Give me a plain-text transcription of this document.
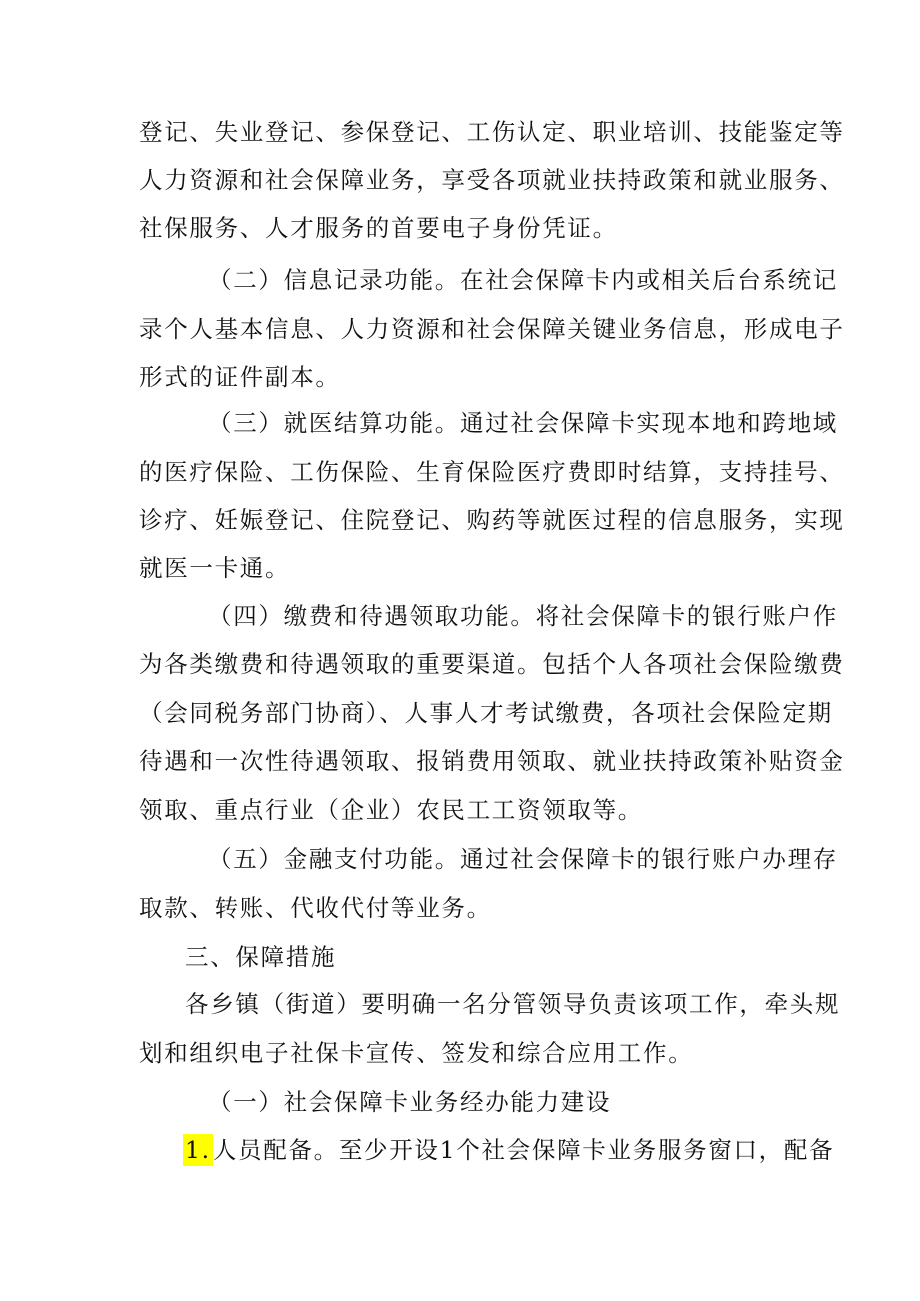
登记、失业登记、参保登记、工伤认定、职业培训、技能鉴定等
人力资源和社会保障业务，享受各项就业扶持政策和就业服务、
社保服务、人才服务的首要电子身份凭证。
（二）信息记录功能。在社会保障卡内或相关后台系统记
录个人基本信息、人力资源和社会保障关键业务信息，形成电子
形式的证件副本。
（三）就医结算功能。通过社会保障卡实现本地和跨地域
的医疗保险、工伤保险、生育保险医疗费即时结算，支持挂号、
诊疗、妊娠登记、住院登记、购药等就医过程的信息服务，实现
就医一卡通。
（四）缴费和待遇领取功能。将社会保障卡的银行账户作
为各类缴费和待遇领取的重要渠道。包括个人各项社会保险缴费
（会同税务部门协商）、人事人才考试缴费，各项社会保险定期
待遇和一次性待遇领取、报销费用领取、就业扶持政策补贴资金
领取、重点行业（企业）农民工工资领取等。
（五）金融支付功能。通过社会保障卡的银行账户办理存
取款、转账、代收代付等业务。
三、保障措施
各乡镇（街道）要明确一名分管领导负责该项工作，牵头规
划和组织电子社保卡宣传、签发和综合应用工作。
（一）社会保障卡业务经办能力建设
1.人员配备。至少开设1个社会保障卡业务服务窗口，配备
